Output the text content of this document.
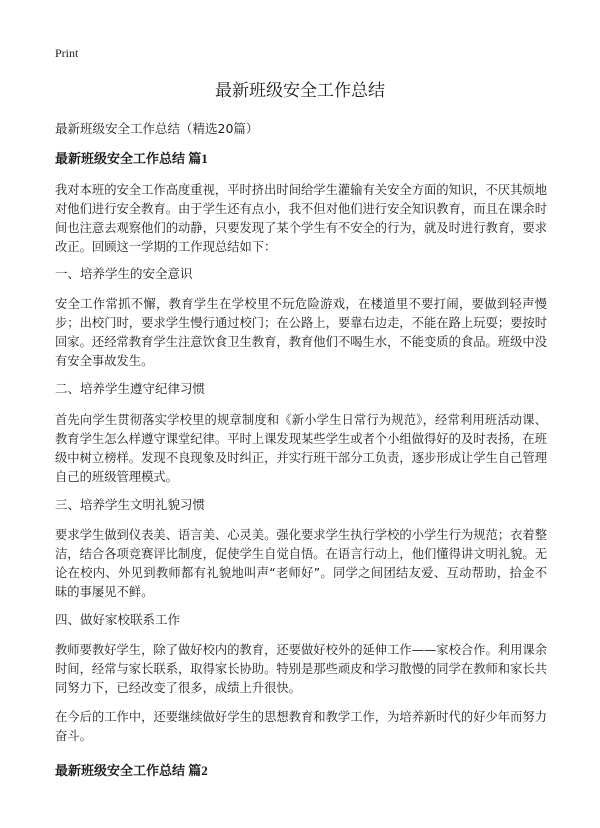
Print
最新班级安全工作总结
最新班级安全工作总结（精选20篇）
最新班级安全工作总结 篇1

我对本班的安全工作高度重视，平时挤出时间给学生灌输有关安全方面的知识，不厌其烦地对他们进行安全教育。由于学生还有点小，我不但对他们进行安全知识教育，而且在课余时间也注意去观察他们的动静，只要发现了某个学生有不安全的行为，就及时进行教育，要求改正。回顾这一学期的工作现总结如下：

一、培养学生的安全意识

安全工作常抓不懈，教育学生在学校里不玩危险游戏，在楼道里不要打闹，要做到轻声慢步；出校门时，要求学生慢行通过校门；在公路上，要靠右边走，不能在路上玩耍；要按时回家。还经常教育学生注意饮食卫生教育，教育他们不喝生水，不能变质的食品。班级中没有安全事故发生。

二、培养学生遵守纪律习惯

首先向学生贯彻落实学校里的规章制度和《新小学生日常行为规范》，经常利用班活动课、教育学生怎么样遵守课堂纪律。平时上课发现某些学生或者个小组做得好的及时表扬，在班级中树立榜样。发现不良现象及时纠正，并实行班干部分工负责，逐步形成让学生自己管理自己的班级管理模式。

三、培养学生文明礼貌习惯

要求学生做到仪表美、语言美、心灵美。强化要求学生执行学校的小学生行为规范；衣着整洁，结合各项竞赛评比制度，促使学生自觉自悟。在语言行动上，他们懂得讲文明礼貌。无论在校内、外见到教师都有礼貌地叫声“老师好”。同学之间团结友爱、互动帮助，拾金不昧的事屡见不鲜。

四、做好家校联系工作

教师要教好学生，除了做好校内的教育，还要做好校外的延伸工作——家校合作。利用课余时间，经常与家长联系，取得家长协助。特别是那些顽皮和学习散慢的同学在教师和家长共同努力下，已经改变了很多，成绩上升很快。

在今后的工作中，还要继续做好学生的思想教育和教学工作，为培养新时代的好少年而努力奋斗。

最新班级安全工作总结 篇2
